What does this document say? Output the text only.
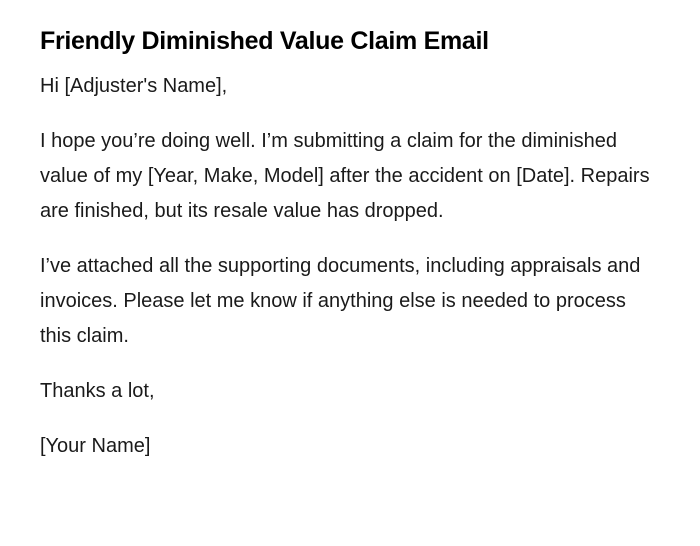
Friendly Diminished Value Claim Email

Hi [Adjuster's Name],

I hope you’re doing well. I’m submitting a claim for the diminished value of my [Year, Make, Model] after the accident on [Date]. Repairs are finished, but its resale value has dropped.

I’ve attached all the supporting documents, including appraisals and invoices. Please let me know if anything else is needed to process this claim.

Thanks a lot,

[Your Name]
